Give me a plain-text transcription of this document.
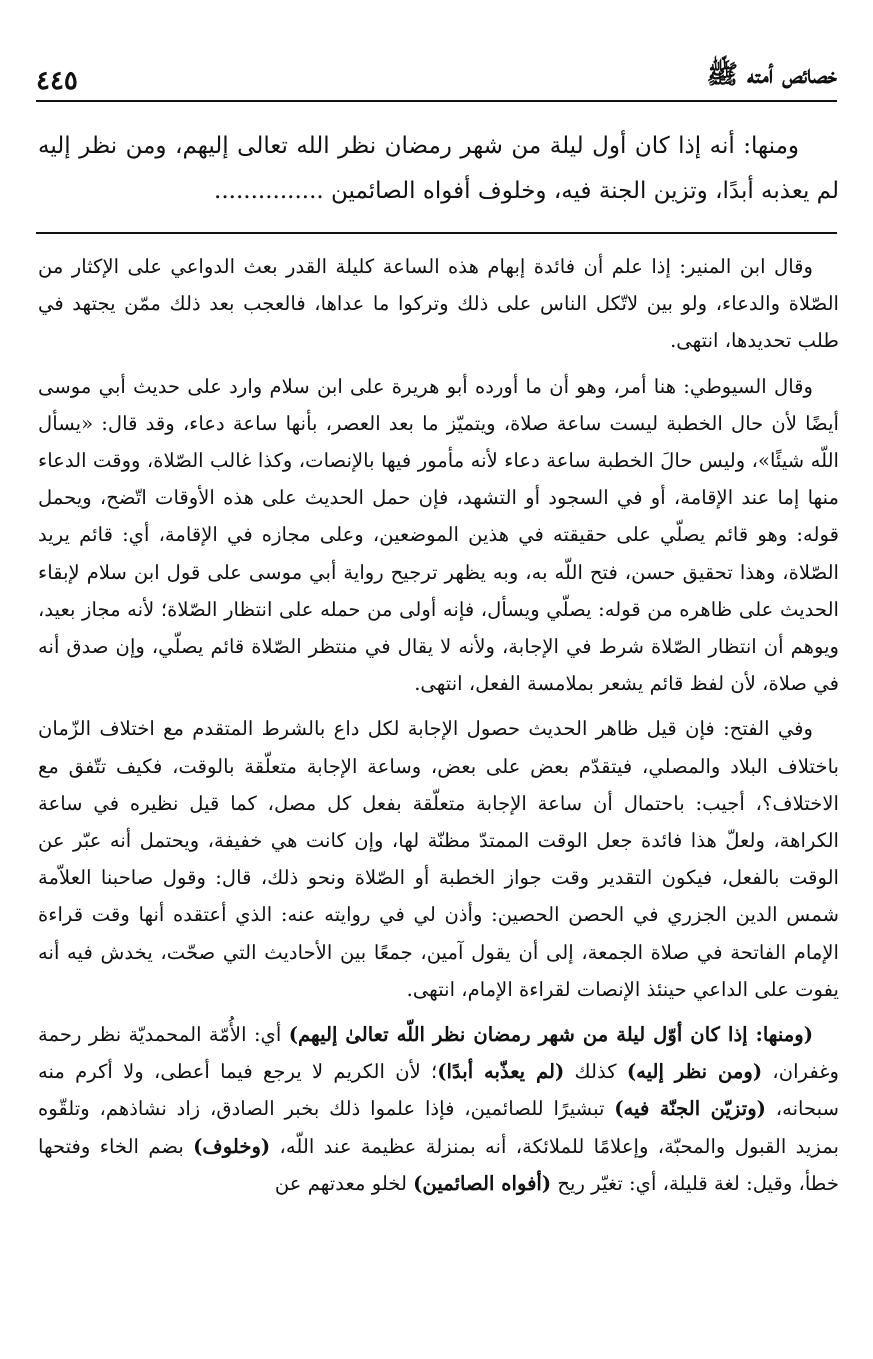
خصائص أمته ﷺ
٤٤٥

ومنها: أنه إذا كان أول ليلة من شهر رمضان نظر الله تعالى إليهم، ومن نظر إليه لم يعذبه أبدًا، وتزين الجنة فيه، وخلوف أفواه الصائمين ...............

وقال ابن المنير: إذا علم أن فائدة إبهام هذه الساعة كليلة القدر بعث الدواعي على الإكثار من الصّلاة والدعاء، ولو بين لاتّكل الناس على ذلك وتركوا ما عداها، فالعجب بعد ذلك ممّن يجتهد في طلب تحديدها، انتهى.

وقال السيوطي: هنا أمر، وهو أن ما أورده أبو هريرة على ابن سلام وارد على حديث أبي موسى أيضًا لأن حال الخطبة ليست ساعة صلاة، ويتميّز ما بعد العصر، بأنها ساعة دعاء، وقد قال: «يسأل اللّه شيئًا»، وليس حالَ الخطبة ساعة دعاء لأنه مأمور فيها بالإنصات، وكذا غالب الصّلاة، ووقت الدعاء منها إما عند الإقامة، أو في السجود أو التشهد، فإن حمل الحديث على هذه الأوقات اتّضح، ويحمل قوله: وهو قائم يصلّي على حقيقته في هذين الموضعين، وعلى مجازه في الإقامة، أي: قائم يريد الصّلاة، وهذا تحقيق حسن، فتح اللّه به، وبه يظهر ترجيح رواية أبي موسى على قول ابن سلام لإبقاء الحديث على ظاهره من قوله: يصلّي ويسأل، فإنه أولى من حمله على انتظار الصّلاة؛ لأنه مجاز بعيد، ويوهم أن انتظار الصّلاة شرط في الإجابة، ولأنه لا يقال في منتظر الصّلاة قائم يصلّي، وإن صدق أنه في صلاة، لأن لفظ قائم يشعر بملامسة الفعل، انتهى.

وفي الفتح: فإن قيل ظاهر الحديث حصول الإجابة لكل داع بالشرط المتقدم مع اختلاف الزّمان باختلاف البلاد والمصلي، فيتقدّم بعض على بعض، وساعة الإجابة متعلّقة بالوقت، فكيف تتّفق مع الاختلاف؟، أجيب: باحتمال أن ساعة الإجابة متعلّقة بفعل كل مصل، كما قيل نظيره في ساعة الكراهة، ولعلّ هذا فائدة جعل الوقت الممتدّ مظنّة لها، وإن كانت هي خفيفة، ويحتمل أنه عبّر عن الوقت بالفعل، فيكون التقدير وقت جواز الخطبة أو الصّلاة ونحو ذلك، قال: وقول صاحبنا العلاّمة شمس الدين الجزري في الحصن الحصين: وأذن لي في روايته عنه: الذي أعتقده أنها وقت قراءة الإمام الفاتحة في صلاة الجمعة، إلى أن يقول آمين، جمعًا بين الأحاديث التي صحّت، يخدش فيه أنه يفوت على الداعي حينئذ الإنصات لقراءة الإمام، انتهى.

(ومنها: إذا كان أوّل ليلة من شهر رمضان نظر اللّه تعالىٰ إليهم) أي: الأُمّة المحمديّة نظر رحمة وغفران، (ومن نظر إليه) كذلك (لم يعذّبه أبدًا)؛ لأن الكريم لا يرجع فيما أعطى، ولا أكرم منه سبحانه، (وتزيّن الجنّة فيه) تبشيرًا للصائمين، فإذا علموا ذلك بخبر الصادق، زاد نشاذهم، وتلقّوه بمزيد القبول والمحبّة، وإعلامًا للملائكة، أنه بمنزلة عظيمة عند اللّه، (وخلوف) بضم الخاء وفتحها خطأ، وقيل: لغة قليلة، أي: تغيّر ريح (أفواه الصائمين) لخلو معدتهم عن
